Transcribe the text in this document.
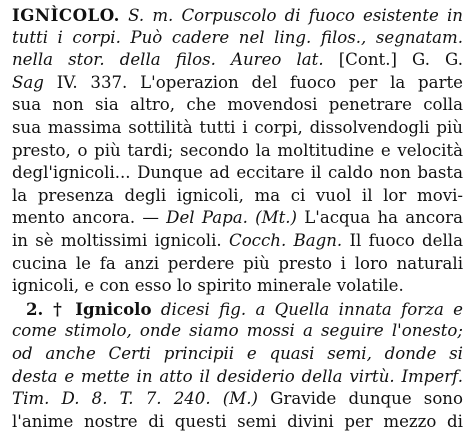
IGNÌCOLO. S. m. Corpuscolo di fuoco esistente in
tutti i corpi. Può cadere nel ling. filos., segnatam.
nella stor. della filos. Aureo lat. [Cont.] G. G.
Sag IV. 337. L'operazion del fuoco per la parte
sua non sia altro, che movendosi penetrare colla
sua massima sottilità tutti i corpi, dissolvendogli più
presto, o più tardi; secondo la moltitudine e velocità
degl'ignicoli... Dunque ad eccitare il caldo non basta
la presenza degli ignicoli, ma ci vuol il lor movi-
mento ancora. — Del Papa. (Mt.) L'acqua ha ancora
in sè moltissimi ignicoli. Cocch. Bagn. Il fuoco della
cucina le fa anzi perdere più presto i loro naturali
ignicoli, e con esso lo spirito minerale volatile.
2. † Ignicolo dicesi fig. a Quella innata forza e
come stimolo, onde siamo mossi a seguire l'onesto;
od anche Certi principii e quasi semi, donde si
desta e mette in atto il desiderio della virtù. Imperf.
Tim. D. 8. T. 7. 240. (M.) Gravide dunque sono
l'anime nostre di questi semi divini per mezzo di
